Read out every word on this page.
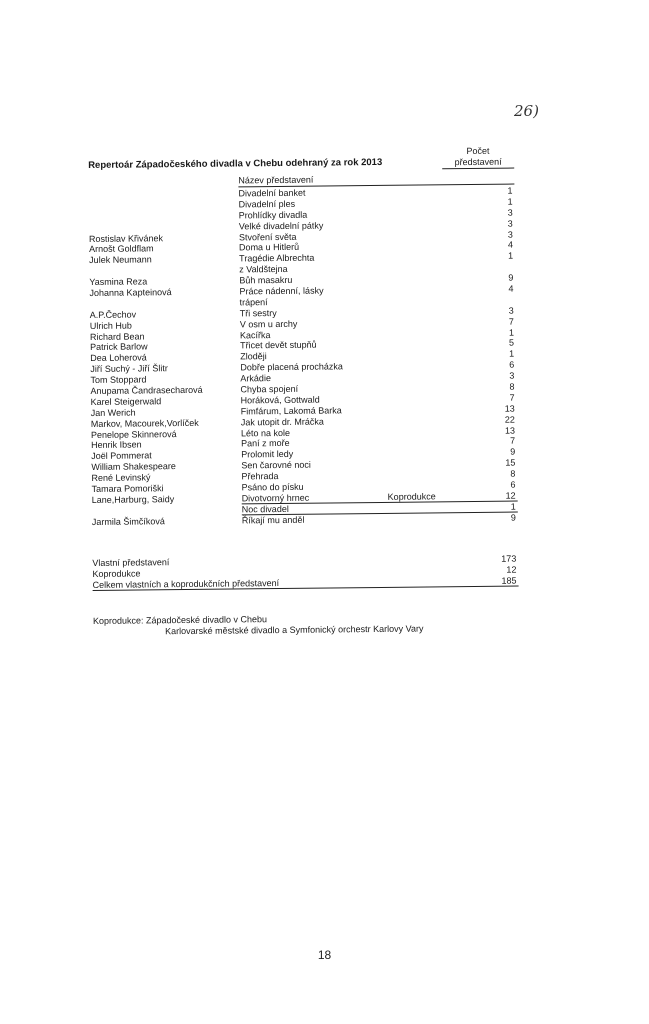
26)
Repertoár Západočeského divadla v Chebu odehraný za rok 2013
Počet
představení
Název představení
Divadelní banket	1
Divadelní ples	1
Prohlídky divadla	3
Velké divadelní pátky	3
Rostislav Křivánek	Stvoření světa	3
Arnošt Goldflam	Doma u Hitlerů	4
Julek Neumann	Tragédie Albrechta	1
z Valdštejna
Yasmina Reza	Bůh masakru	9
Johanna Kapteinová	Práce nádenní, lásky	4
trápení
A.P.Čechov	Tři sestry	3
Ulrich Hub	V osm u archy	7
Richard Bean	Kacířka	1
Patrick Barlow	Třicet devět stupňů	5
Dea Loherová	Zloději	1
Jiří Suchý - Jiří Šlitr	Dobře placená procházka	6
Tom Stoppard	Arkádie	3
Anupama Čandrasecharová	Chyba spojení	8
Karel Steigerwald	Horáková, Gottwald	7
Jan Werich	Fimfárum, Lakomá Barka	13
Markov, Macourek,Vorlíček	Jak utopit dr. Mráčka	22
Penelope Skinnerová	Léto na kole	13
Henrik Ibsen	Paní z moře	7
Joël Pommerat	Prolomit ledy	9
William Shakespeare	Sen čarovné noci	15
René Levinský	Přehrada	8
Tamara Pomoriški	Psáno do písku	6
Lane,Harburg, Saidy	Divotvorný hrnec	Koprodukce	12
Noc divadel	1
Jarmila Šimčíková	Říkají mu anděl	9
Vlastní představení	173
Koprodukce	12
Celkem vlastních a koprodukčních představení	185
Koprodukce: Západočeské divadlo v Chebu
Karlovarské městské divadlo a Symfonický orchestr Karlovy Vary
18
